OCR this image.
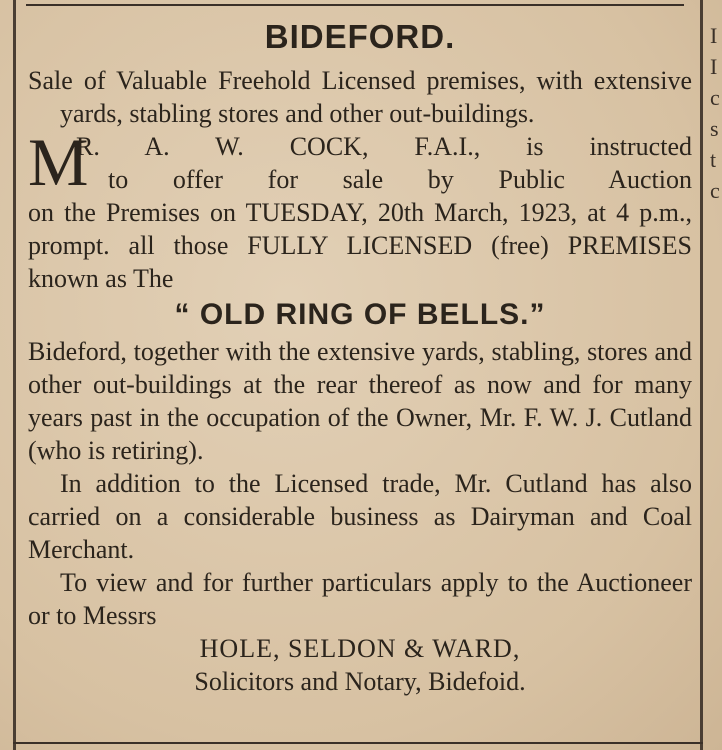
I
I
c
s
t
c
BIDEFORD.

Sale of Valuable Freehold Licensed premises, with extensive yards, stabling stores and other out-buildings.

M
R. A. W. COCK, F.A.I., is instructed
to offer for sale by Public Auction

on the Premises on TUESDAY, 20th March, 1923, at 4 p.m., prompt. all those FULLY LICENSED (free) PREMISES known as The

“ OLD RING OF BELLS.”

Bideford, together with the extensive yards, stabling, stores and other out-buildings at the rear thereof as now and for many years past in the occupation of the Owner, Mr. F. W. J. Cutland (who is retiring).

In addition to the Licensed trade, Mr. Cutland has also carried on a considerable business as Dairyman and Coal Merchant.

To view and for further particulars apply to the Auctioneer or to Messrs

HOLE, SELDON & WARD,
Solicitors and Notary, Bidefoid.
